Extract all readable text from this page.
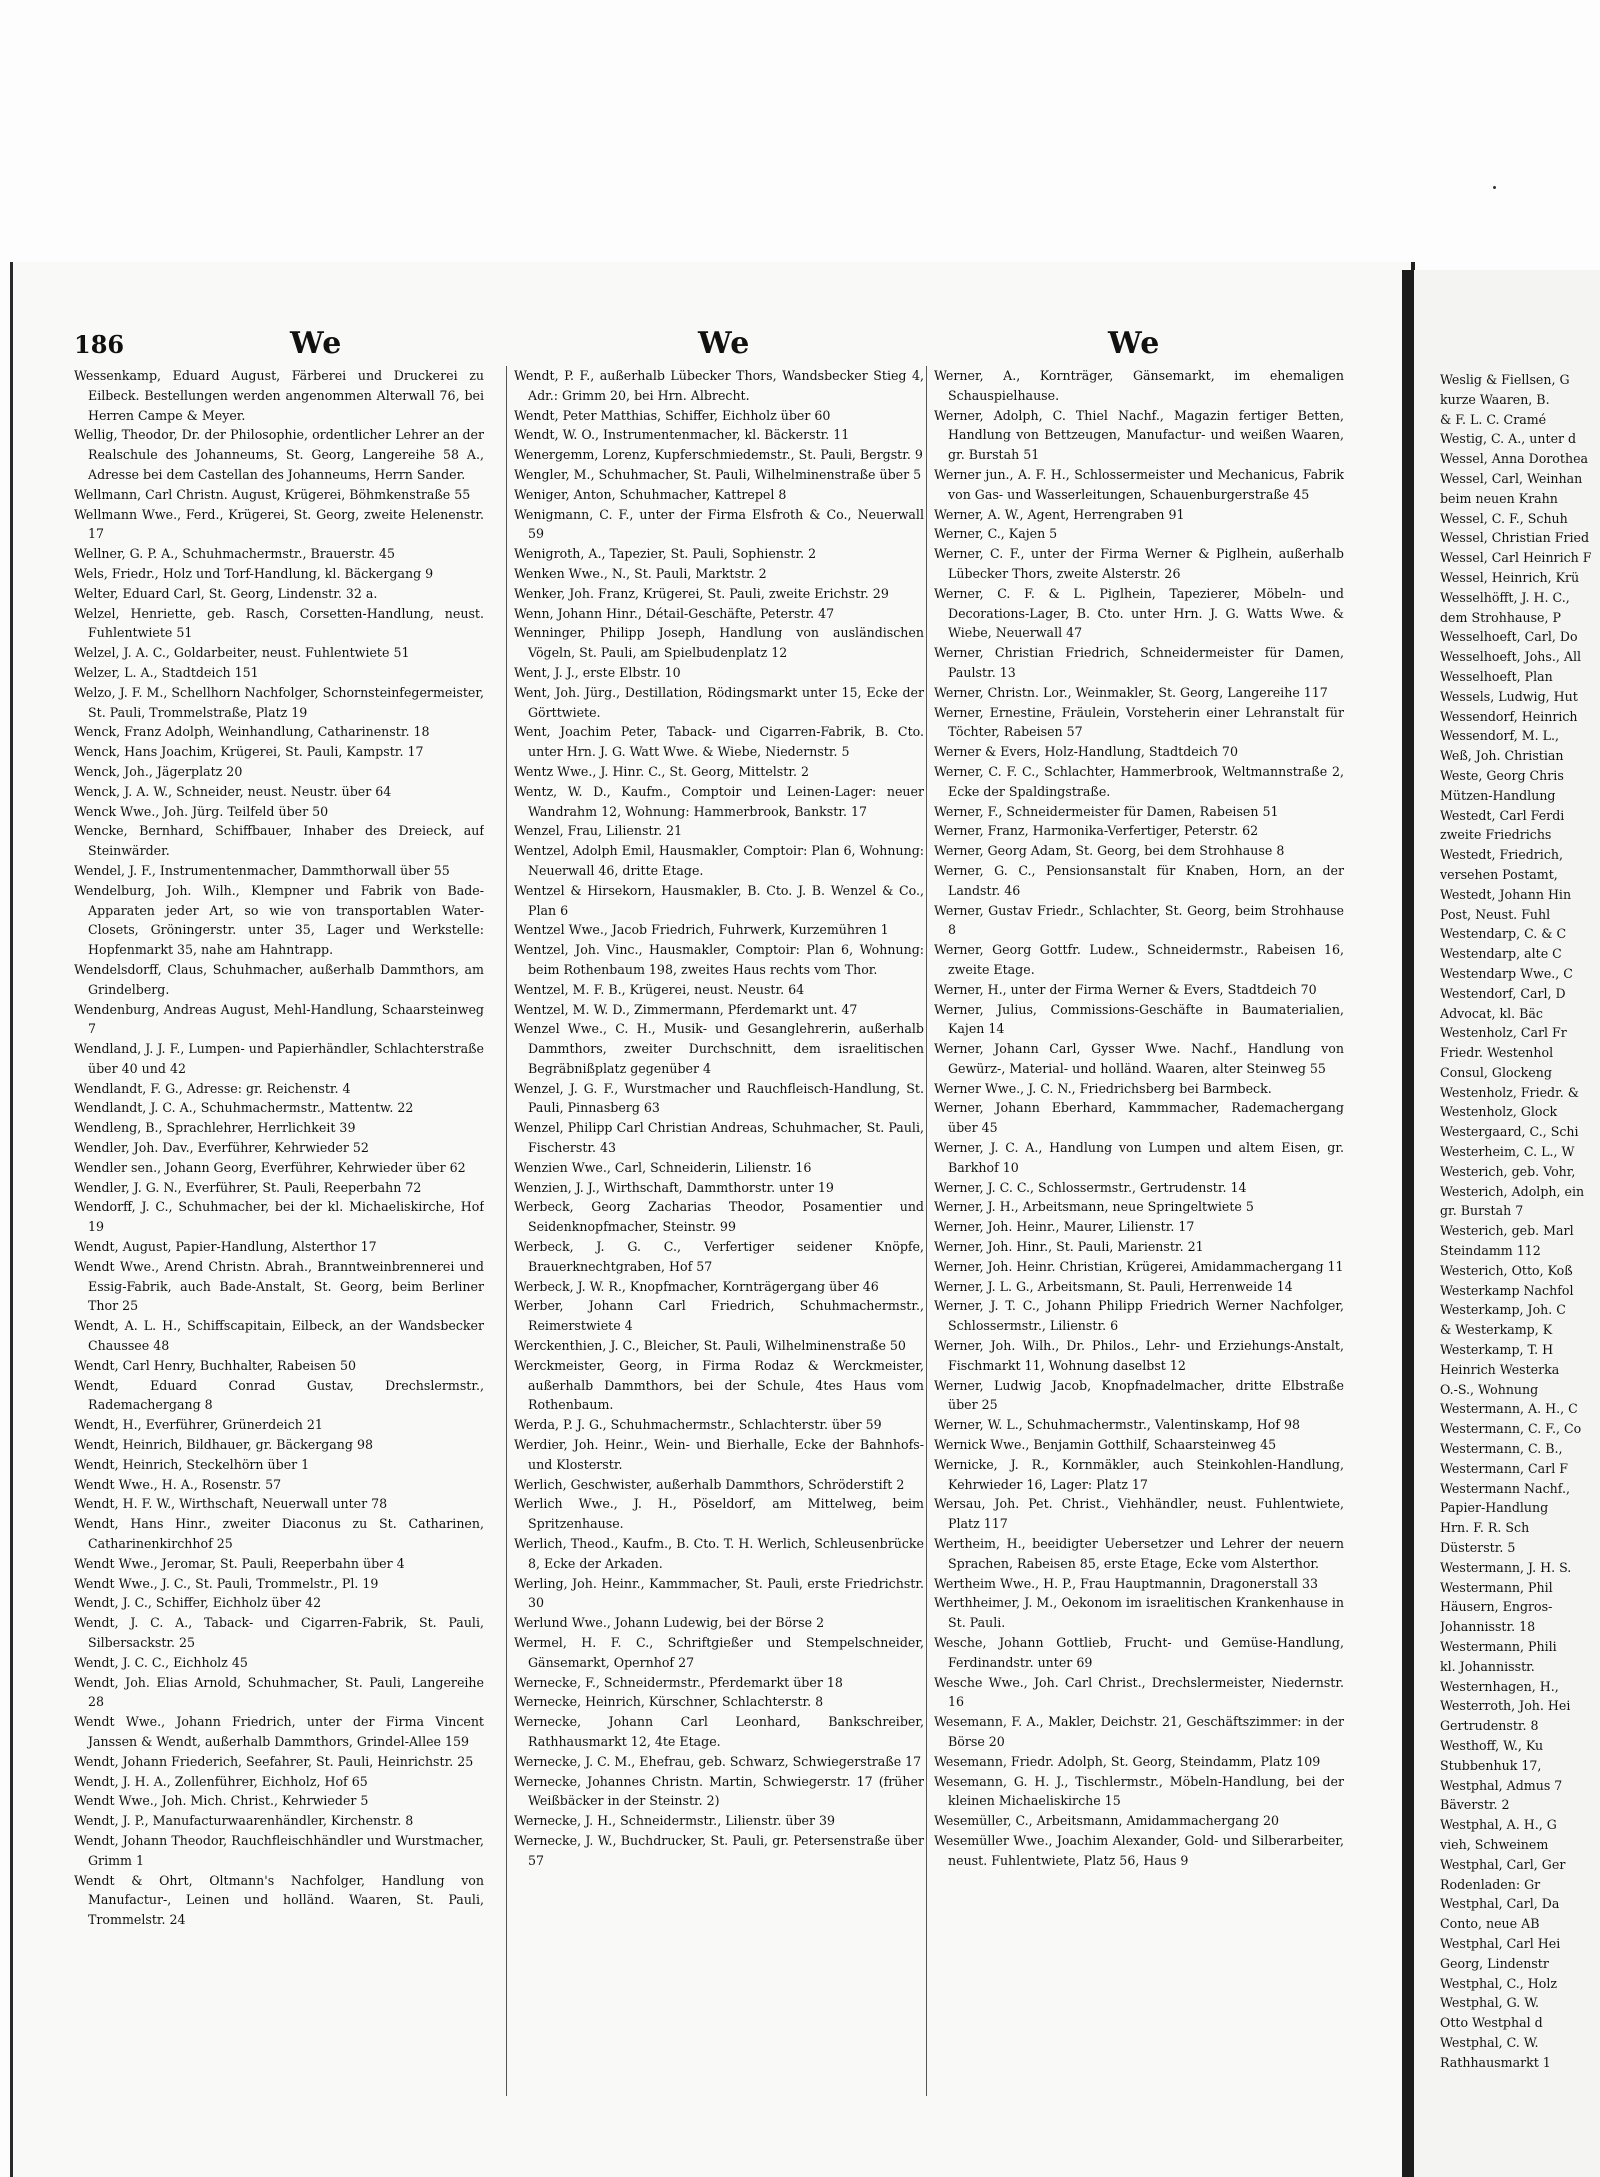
186	We	We	We

Wessenkamp, Eduard August, Färberei und Druckerei zu Eilbeck. Bestellungen werden angenommen Alterwall 76, bei Herren Campe & Meyer.

Wellig, Theodor, Dr. der Philosophie, ordentlicher Lehrer an der Realschule des Johanneums, St. Georg, Langereihe 58 A., Adresse bei dem Castellan des Johanneums, Herrn Sander.

Wellmann, Carl Christn. August, Krügerei, Böhmkenstraße 55

Wellmann Wwe., Ferd., Krügerei, St. Georg, zweite Helenenstr. 17

Wellner, G. P. A., Schuhmachermstr., Brauerstr. 45

Wels, Friedr., Holz und Torf-Handlung, kl. Bäckergang 9

Welter, Eduard Carl, St. Georg, Lindenstr. 32 a.

Welzel, Henriette, geb. Rasch, Corsetten-Handlung, neust. Fuhlentwiete 51

Welzel, J. A. C., Goldarbeiter, neust. Fuhlentwiete 51

Welzer, L. A., Stadtdeich 151

Welzo, J. F. M., Schellhorn Nachfolger, Schornsteinfegermeister, St. Pauli, Trommelstraße, Platz 19

Wenck, Franz Adolph, Weinhandlung, Catharinenstr. 18

Wenck, Hans Joachim, Krügerei, St. Pauli, Kampstr. 17

Wenck, Joh., Jägerplatz 20

Wenck, J. A. W., Schneider, neust. Neustr. über 64

Wenck Wwe., Joh. Jürg. Teilfeld über 50

Wencke, Bernhard, Schiffbauer, Inhaber des Dreieck, auf Steinwärder.

Wendel, J. F., Instrumentenmacher, Dammthorwall über 55

Wendelburg, Joh. Wilh., Klempner und Fabrik von Bade-Apparaten jeder Art, so wie von transportablen Water-Closets, Gröningerstr. unter 35, Lager und Werkstelle: Hopfenmarkt 35, nahe am Hahntrapp.

Wendelsdorff, Claus, Schuhmacher, außerhalb Dammthors, am Grindelberg.

Wendenburg, Andreas August, Mehl-Handlung, Schaarsteinweg 7

Wendland, J. J. F., Lumpen- und Papierhändler, Schlachterstraße über 40 und 42

Wendlandt, F. G., Adresse: gr. Reichenstr. 4

Wendlandt, J. C. A., Schuhmachermstr., Mattentw. 22

Wendleng, B., Sprachlehrer, Herrlichkeit 39

Wendler, Joh. Dav., Everführer, Kehrwieder 52

Wendler sen., Johann Georg, Everführer, Kehrwieder über 62

Wendler, J. G. N., Everführer, St. Pauli, Reeperbahn 72

Wendorff, J. C., Schuhmacher, bei der kl. Michaeliskirche, Hof 19

Wendt, August, Papier-Handlung, Alsterthor 17

Wendt Wwe., Arend Christn. Abrah., Branntweinbrennerei und Essig-Fabrik, auch Bade-Anstalt, St. Georg, beim Berliner Thor 25

Wendt, A. L. H., Schiffscapitain, Eilbeck, an der Wandsbecker Chaussee 48

Wendt, Carl Henry, Buchhalter, Rabeisen 50

Wendt, Eduard Conrad Gustav, Drechslermstr., Rademachergang 8

Wendt, H., Everführer, Grünerdeich 21

Wendt, Heinrich, Bildhauer, gr. Bäckergang 98

Wendt, Heinrich, Steckelhörn über 1

Wendt Wwe., H. A., Rosenstr. 57

Wendt, H. F. W., Wirthschaft, Neuerwall unter 78

Wendt, Hans Hinr., zweiter Diaconus zu St. Catharinen, Catharinenkirchhof 25

Wendt Wwe., Jeromar, St. Pauli, Reeperbahn über 4

Wendt Wwe., J. C., St. Pauli, Trommelstr., Pl. 19

Wendt, J. C., Schiffer, Eichholz über 42

Wendt, J. C. A., Taback- und Cigarren-Fabrik, St. Pauli, Silbersackstr. 25

Wendt, J. C. C., Eichholz 45

Wendt, Joh. Elias Arnold, Schuhmacher, St. Pauli, Langereihe 28

Wendt Wwe., Johann Friedrich, unter der Firma Vincent Janssen & Wendt, außerhalb Dammthors, Grindel-Allee 159

Wendt, Johann Friederich, Seefahrer, St. Pauli, Heinrichstr. 25

Wendt, J. H. A., Zollenführer, Eichholz, Hof 65

Wendt Wwe., Joh. Mich. Christ., Kehrwieder 5

Wendt, J. P., Manufacturwaarenhändler, Kirchenstr. 8

Wendt, Johann Theodor, Rauchfleischhändler und Wurstmacher, Grimm 1

Wendt & Ohrt, Oltmann's Nachfolger, Handlung von Manufactur-, Leinen und holländ. Waaren, St. Pauli, Trommelstr. 24

Wendt, P. F., außerhalb Lübecker Thors, Wandsbecker Stieg 4, Adr.: Grimm 20, bei Hrn. Albrecht.

Wendt, Peter Matthias, Schiffer, Eichholz über 60

Wendt, W. O., Instrumentenmacher, kl. Bäckerstr. 11

Wenergemm, Lorenz, Kupferschmiedemstr., St. Pauli, Bergstr. 9

Wengler, M., Schuhmacher, St. Pauli, Wilhelminenstraße über 5

Weniger, Anton, Schuhmacher, Kattrepel 8

Wenigmann, C. F., unter der Firma Elsfroth & Co., Neuerwall 59

Wenigroth, A., Tapezier, St. Pauli, Sophienstr. 2

Wenken Wwe., N., St. Pauli, Marktstr. 2

Wenker, Joh. Franz, Krügerei, St. Pauli, zweite Erichstr. 29

Wenn, Johann Hinr., Détail-Geschäfte, Peterstr. 47

Wenninger, Philipp Joseph, Handlung von ausländischen Vögeln, St. Pauli, am Spielbudenplatz 12

Went, J. J., erste Elbstr. 10

Went, Joh. Jürg., Destillation, Rödingsmarkt unter 15, Ecke der Görttwiete.

Went, Joachim Peter, Taback- und Cigarren-Fabrik, B. Cto. unter Hrn. J. G. Watt Wwe. & Wiebe, Niedernstr. 5

Wentz Wwe., J. Hinr. C., St. Georg, Mittelstr. 2

Wentz, W. D., Kaufm., Comptoir und Leinen-Lager: neuer Wandrahm 12, Wohnung: Hammerbrook, Bankstr. 17

Wenzel, Frau, Lilienstr. 21

Wentzel, Adolph Emil, Hausmakler, Comptoir: Plan 6, Wohnung: Neuerwall 46, dritte Etage.

Wentzel & Hirsekorn, Hausmakler, B. Cto. J. B. Wenzel & Co., Plan 6

Wentzel Wwe., Jacob Friedrich, Fuhrwerk, Kurzemühren 1

Wentzel, Joh. Vinc., Hausmakler, Comptoir: Plan 6, Wohnung: beim Rothenbaum 198, zweites Haus rechts vom Thor.

Wentzel, M. F. B., Krügerei, neust. Neustr. 64

Wentzel, M. W. D., Zimmermann, Pferdemarkt unt. 47

Wenzel Wwe., C. H., Musik- und Gesanglehrerin, außerhalb Dammthors, zweiter Durchschnitt, dem israelitischen Begräbnißplatz gegenüber 4

Wenzel, J. G. F., Wurstmacher und Rauchfleisch-Handlung, St. Pauli, Pinnasberg 63

Wenzel, Philipp Carl Christian Andreas, Schuhmacher, St. Pauli, Fischerstr. 43

Wenzien Wwe., Carl, Schneiderin, Lilienstr. 16

Wenzien, J. J., Wirthschaft, Dammthorstr. unter 19

Werbeck, Georg Zacharias Theodor, Posamentier und Seidenknopfmacher, Steinstr. 99

Werbeck, J. G. C., Verfertiger seidener Knöpfe, Brauerknechtgraben, Hof 57

Werbeck, J. W. R., Knopfmacher, Kornträgergang über 46

Werber, Johann Carl Friedrich, Schuhmachermstr., Reimerstwiete 4

Werckenthien, J. C., Bleicher, St. Pauli, Wilhelminenstraße 50

Werckmeister, Georg, in Firma Rodaz & Werckmeister, außerhalb Dammthors, bei der Schule, 4tes Haus vom Rothenbaum.

Werda, P. J. G., Schuhmachermstr., Schlachterstr. über 59

Werdier, Joh. Heinr., Wein- und Bierhalle, Ecke der Bahnhofs- und Klosterstr.

Werlich, Geschwister, außerhalb Dammthors, Schröderstift 2

Werlich Wwe., J. H., Pöseldorf, am Mittelweg, beim Spritzenhause.

Werlich, Theod., Kaufm., B. Cto. T. H. Werlich, Schleusenbrücke 8, Ecke der Arkaden.

Werling, Joh. Heinr., Kammmacher, St. Pauli, erste Friedrichstr. 30

Werlund Wwe., Johann Ludewig, bei der Börse 2

Wermel, H. F. C., Schriftgießer und Stempelschneider, Gänsemarkt, Opernhof 27

Wernecke, F., Schneidermstr., Pferdemarkt über 18

Wernecke, Heinrich, Kürschner, Schlachterstr. 8

Wernecke, Johann Carl Leonhard, Bankschreiber, Rathhausmarkt 12, 4te Etage.

Wernecke, J. C. M., Ehefrau, geb. Schwarz, Schwiegerstraße 17

Wernecke, Johannes Christn. Martin, Schwiegerstr. 17 (früher Weißbäcker in der Steinstr. 2)

Wernecke, J. H., Schneidermstr., Lilienstr. über 39

Wernecke, J. W., Buchdrucker, St. Pauli, gr. Petersenstraße über 57

Werner, A., Kornträger, Gänsemarkt, im ehemaligen Schauspielhause.

Werner, Adolph, C. Thiel Nachf., Magazin fertiger Betten, Handlung von Bettzeugen, Manufactur- und weißen Waaren, gr. Burstah 51

Werner jun., A. F. H., Schlossermeister und Mechanicus, Fabrik von Gas- und Wasserleitungen, Schauenburgerstraße 45

Werner, A. W., Agent, Herrengraben 91

Werner, C., Kajen 5

Werner, C. F., unter der Firma Werner & Piglhein, außerhalb Lübecker Thors, zweite Alsterstr. 26

Werner, C. F. & L. Piglhein, Tapezierer, Möbeln- und Decorations-Lager, B. Cto. unter Hrn. J. G. Watts Wwe. & Wiebe, Neuerwall 47

Werner, Christian Friedrich, Schneidermeister für Damen, Paulstr. 13

Werner, Christn. Lor., Weinmakler, St. Georg, Langereihe 117

Werner, Ernestine, Fräulein, Vorsteherin einer Lehranstalt für Töchter, Rabeisen 57

Werner & Evers, Holz-Handlung, Stadtdeich 70

Werner, C. F. C., Schlachter, Hammerbrook, Weltmannstraße 2, Ecke der Spaldingstraße.

Werner, F., Schneidermeister für Damen, Rabeisen 51

Werner, Franz, Harmonika-Verfertiger, Peterstr. 62

Werner, Georg Adam, St. Georg, bei dem Strohhause 8

Werner, G. C., Pensionsanstalt für Knaben, Horn, an der Landstr. 46

Werner, Gustav Friedr., Schlachter, St. Georg, beim Strohhause 8

Werner, Georg Gottfr. Ludew., Schneidermstr., Rabeisen 16, zweite Etage.

Werner, H., unter der Firma Werner & Evers, Stadtdeich 70

Werner, Julius, Commissions-Geschäfte in Baumaterialien, Kajen 14

Werner, Johann Carl, Gysser Wwe. Nachf., Handlung von Gewürz-, Material- und holländ. Waaren, alter Steinweg 55

Werner Wwe., J. C. N., Friedrichsberg bei Barmbeck.

Werner, Johann Eberhard, Kammmacher, Rademachergang über 45

Werner, J. C. A., Handlung von Lumpen und altem Eisen, gr. Barkhof 10

Werner, J. C. C., Schlossermstr., Gertrudenstr. 14

Werner, J. H., Arbeitsmann, neue Springeltwiete 5

Werner, Joh. Heinr., Maurer, Lilienstr. 17

Werner, Joh. Hinr., St. Pauli, Marienstr. 21

Werner, Joh. Heinr. Christian, Krügerei, Amidammachergang 11

Werner, J. L. G., Arbeitsmann, St. Pauli, Herrenweide 14

Werner, J. T. C., Johann Philipp Friedrich Werner Nachfolger, Schlossermstr., Lilienstr. 6

Werner, Joh. Wilh., Dr. Philos., Lehr- und Erziehungs-Anstalt, Fischmarkt 11, Wohnung daselbst 12

Werner, Ludwig Jacob, Knopfnadelmacher, dritte Elbstraße über 25

Werner, W. L., Schuhmachermstr., Valentinskamp, Hof 98

Wernick Wwe., Benjamin Gotthilf, Schaarsteinweg 45

Wernicke, J. R., Kornmäkler, auch Steinkohlen-Handlung, Kehrwieder 16, Lager: Platz 17

Wersau, Joh. Pet. Christ., Viehhändler, neust. Fuhlentwiete, Platz 117

Wertheim, H., beeidigter Uebersetzer und Lehrer der neuern Sprachen, Rabeisen 85, erste Etage, Ecke vom Alsterthor.

Wertheim Wwe., H. P., Frau Hauptmannin, Dragonerstall 33

Werthheimer, J. M., Oekonom im israelitischen Krankenhause in St. Pauli.

Wesche, Johann Gottlieb, Frucht- und Gemüse-Handlung, Ferdinandstr. unter 69

Wesche Wwe., Joh. Carl Christ., Drechslermeister, Niedernstr. 16

Wesemann, F. A., Makler, Deichstr. 21, Geschäftszimmer: in der Börse 20

Wesemann, Friedr. Adolph, St. Georg, Steindamm, Platz 109

Wesemann, G. H. J., Tischlermstr., Möbeln-Handlung, bei der kleinen Michaeliskirche 15

Wesemüller, C., Arbeitsmann, Amidammachergang 20

Wesemüller Wwe., Joachim Alexander, Gold- und Silberarbeiter, neust. Fuhlentwiete, Platz 56, Haus 9

Weslig & Fiellsen, G

kurze Waaren, B.

& F. L. C. Cramé

Westig, C. A., unter d

Wessel, Anna Dorothea

Wessel, Carl, Weinhan

beim neuen Krahn

Wessel, C. F., Schuh

Wessel, Christian Fried

Wessel, Carl Heinrich F

Wessel, Heinrich, Krü

Wesselhöfft, J. H. C.,

dem Strohhause, P

Wesselhoeft, Carl, Do

Wesselhoeft, Johs., All

Wesselhoeft, Plan

Wessels, Ludwig, Hut

Wessendorf, Heinrich

Wessendorf, M. L.,

Weß, Joh. Christian

Weste, Georg Chris

Mützen-Handlung

Westedt, Carl Ferdi

zweite Friedrichs

Westedt, Friedrich,

versehen Postamt,

Westedt, Johann Hin

Post, Neust. Fuhl

Westendarp, C. & C

Westendarp, alte C

Westendarp Wwe., C

Westendorf, Carl, D

Advocat, kl. Bäc

Westenholz, Carl Fr

Friedr. Westenhol

Consul, Glockeng

Westenholz, Friedr. &

Westenholz, Glock

Westergaard, C., Schi

Westerheim, C. L., W

Westerich, geb. Vohr,

Westerich, Adolph, ein

gr. Burstah 7

Westerich, geb. Marl

Steindamm 112

Westerich, Otto, Koß

Westerkamp Nachfol

Westerkamp, Joh. C

& Westerkamp, K

Westerkamp, T. H

Heinrich Westerka

O.-S., Wohnung

Westermann, A. H., C

Westermann, C. F., Co

Westermann, C. B.,

Westermann, Carl F

Westermann Nachf.,

Papier-Handlung

Hrn. F. R. Sch

Düsterstr. 5

Westermann, J. H. S.

Westermann, Phil

Häusern, Engros-

Johannisstr. 18

Westermann, Phili

kl. Johannisstr.

Westernhagen, H.,

Westerroth, Joh. Hei

Gertrudenstr. 8

Westhoff, W., Ku

Stubbenhuk 17,

Westphal, Admus 7

Bäverstr. 2

Westphal, A. H., G

vieh, Schweinem

Westphal, Carl, Ger

Rodenladen: Gr

Westphal, Carl, Da

Conto, neue AB

Westphal, Carl Hei

Georg, Lindenstr

Westphal, C., Holz

Westphal, G. W.

Otto Westphal d

Westphal, C. W.

Rathhausmarkt 1
